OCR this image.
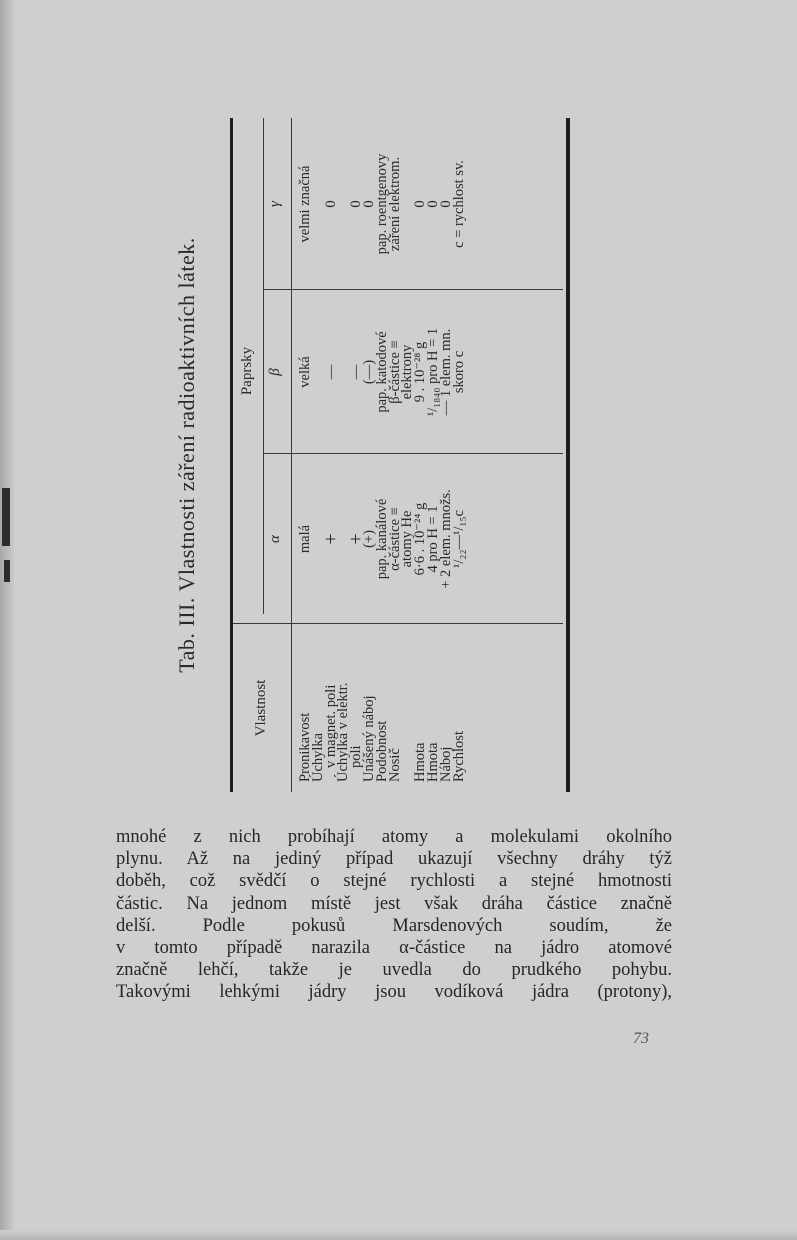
Tab. III. Vlastnosti záření radioaktivních látek.
Vlastnost
Paprsky
α
β
γ
Pronikavost
Úchylka
v magnet. poli
Úchylka v elektr.
poli
Unášený náboj
Podobnost
Nosič Hmota
Hmota
Náboj
Rychlost
malá + +
(+)
pap. kanálové
α-částice ≡
atomy He
6·6 . 10⁻²⁴ g
4 pro H = 1
+ 2 elem. množs.
¹/₂₂—¹/₁₅c
velká — —
(—)
pap. katodové
β-částice ≡
elektrony
9 . 10⁻²⁸ g
¹/₁₈₄₀ pro H = 1
— 1 elem. mn.
skoro c
velmi značná 0 0
0
pap. roentgenovy
záření elektrom. 0
0
0
c = rychlost sv.
mnohé z nich probíhají atomy a molekulami okolního
plynu. Až na jediný případ ukazují všechny dráhy týž
doběh, což svědčí o stejné rychlosti a stejné hmotnosti
částic. Na jednom místě jest však dráha částice značně
delší. Podle pokusů Marsdenových soudím, že
v tomto případě narazila α-částice na jádro atomové
značně lehčí, takže je uvedla do prudkého pohybu.
Takovými lehkými jádry jsou vodíková jádra (protony),
73
